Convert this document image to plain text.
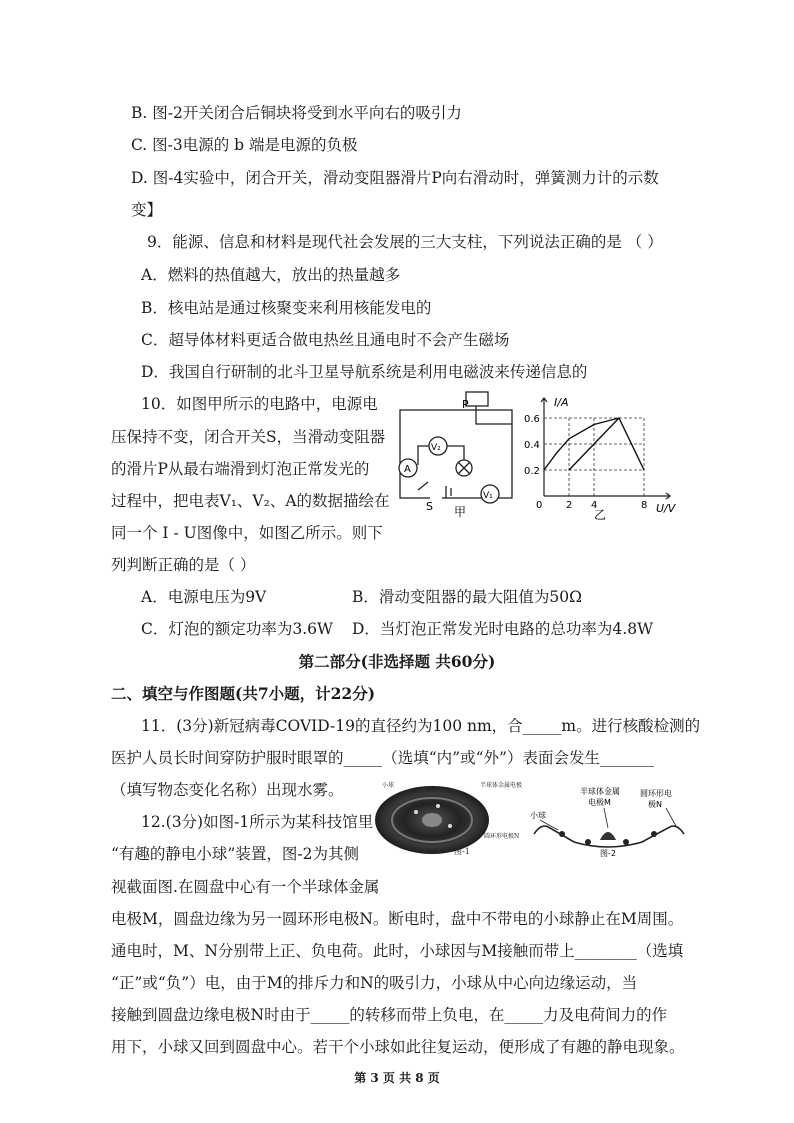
B. 图-2开关闭合后铜块将受到水平向右的吸引力
C. 图-3电源的 b 端是电源的负极
D. 图-4实验中，闭合开关，滑动变阻器滑片P向右滑动时，弹簧测力计的示数
变】
9．能源、信息和材料是现代社会发展的三大支柱，下列说法正确的是 （ ）
A．燃料的热值越大，放出的热量越多
B．核电站是通过核聚变来利用核能发电的
C．超导体材料更适合做电热丝且通电时不会产生磁场
D．我国自行研制的北斗卫星导航系统是利用电磁波来传递信息的
10．如图甲所示的电路中，电源电
压保持不变，闭合开关S，当滑动变阻器
的滑片P从最右端滑到灯泡正常发光的
过程中，把电表V₁、V₂、A的数据描绘在
同一个 I - U图像中，如图乙所示。则下
列判断正确的是（ ）
A．电源电压为9V	B．滑动变阻器的最大阻值为50Ω
C．灯泡的额定功率为3.6W D．当灯泡正常发光时电路的总功率为4.8W
第二部分(非选择题 共60分)
二、填空与作图题(共7小题，计22分)
11．(3分)新冠病毒COVID-19的直径约为100 nm，合_____m。进行核酸检测的
医护人员长时间穿防护服时眼罩的_____（选填“内”或“外”）表面会发生_______
（填写物态变化名称）出现水雾。
12.(3分)如图-1所示为某科技馆里
“有趣的静电小球”装置，图-2为其侧
视截面图.在圆盘中心有一个半球体金属
电极M，圆盘边缘为另一圆环形电极N。断电时，盘中不带电的小球静止在M周围。
通电时，M、N分别带上正、负电荷。此时，小球因与M接触而带上________（选填
“正”或“负”）电，由于M的排斥力和N的吸引力，小球从中心向边缘运动，当
接触到圆盘边缘电极N时由于_____的转移而带上负电，在_____力及电荷间力的作
用下，小球又回到圆盘中心。若干个小球如此往复运动，便形成了有趣的静电现象。
第 3 页 共 8 页
P
V₂
A
V₁
S 甲
0.2
0.4
0.6
2 4	8
I/A
U/V
0
乙
小球	半球体金属电极
圆环形电极N
图-1
小球
半球体金属
电极M
圆环形电
极N
图-2
